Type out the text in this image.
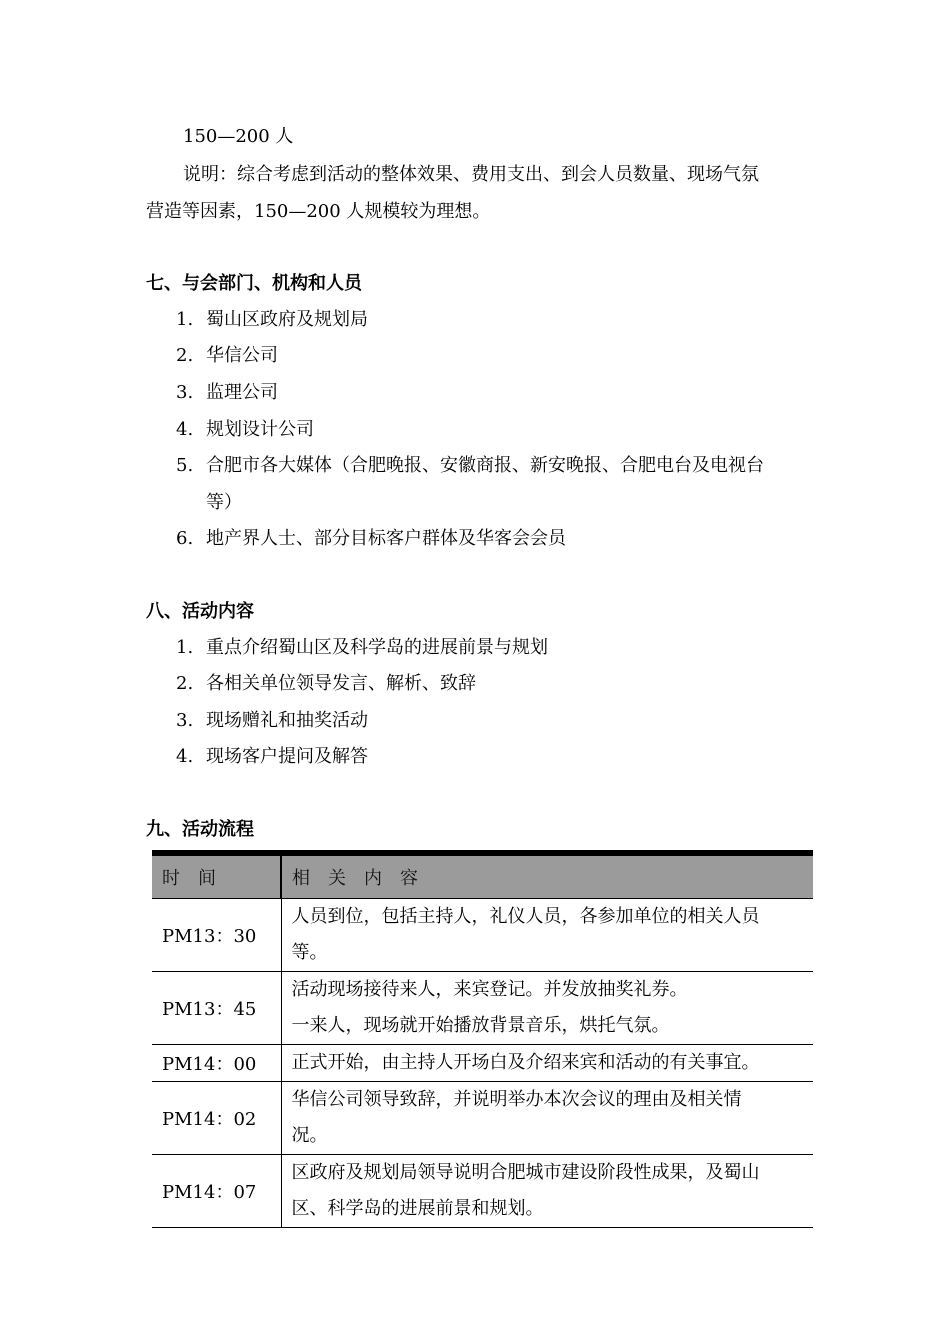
150—200 人
说明：综合考虑到活动的整体效果、费用支出、到会人员数量、现场气氛
营造等因素，150—200 人规模较为理想。
七、与会部门、机构和人员
1. 蜀山区政府及规划局
2. 华信公司
3. 监理公司
4. 规划设计公司
5. 合肥市各大媒体（合肥晚报、安徽商报、新安晚报、合肥电台及电视台
等）
6. 地产界人士、部分目标客户群体及华客会会员
八、活动内容
1. 重点介绍蜀山区及科学岛的进展前景与规划
2. 各相关单位领导发言、解析、致辞
3. 现场赠礼和抽奖活动
4. 现场客户提问及解答
九、活动流程
时间	相关内容
PM13：30	人员到位，包括主持人，礼仪人员，各参加单位的相关人员
等。

PM13：45	活动现场接待来人，来宾登记。并发放抽奖礼券。
一来人，现场就开始播放背景音乐，烘托气氛。

PM14：00	正式开始，由主持人开场白及介绍来宾和活动的有关事宜。

PM14：02	华信公司领导致辞，并说明举办本次会议的理由及相关情
况。

PM14：07	区政府及规划局领导说明合肥城市建设阶段性成果，及蜀山
区、科学岛的进展前景和规划。
